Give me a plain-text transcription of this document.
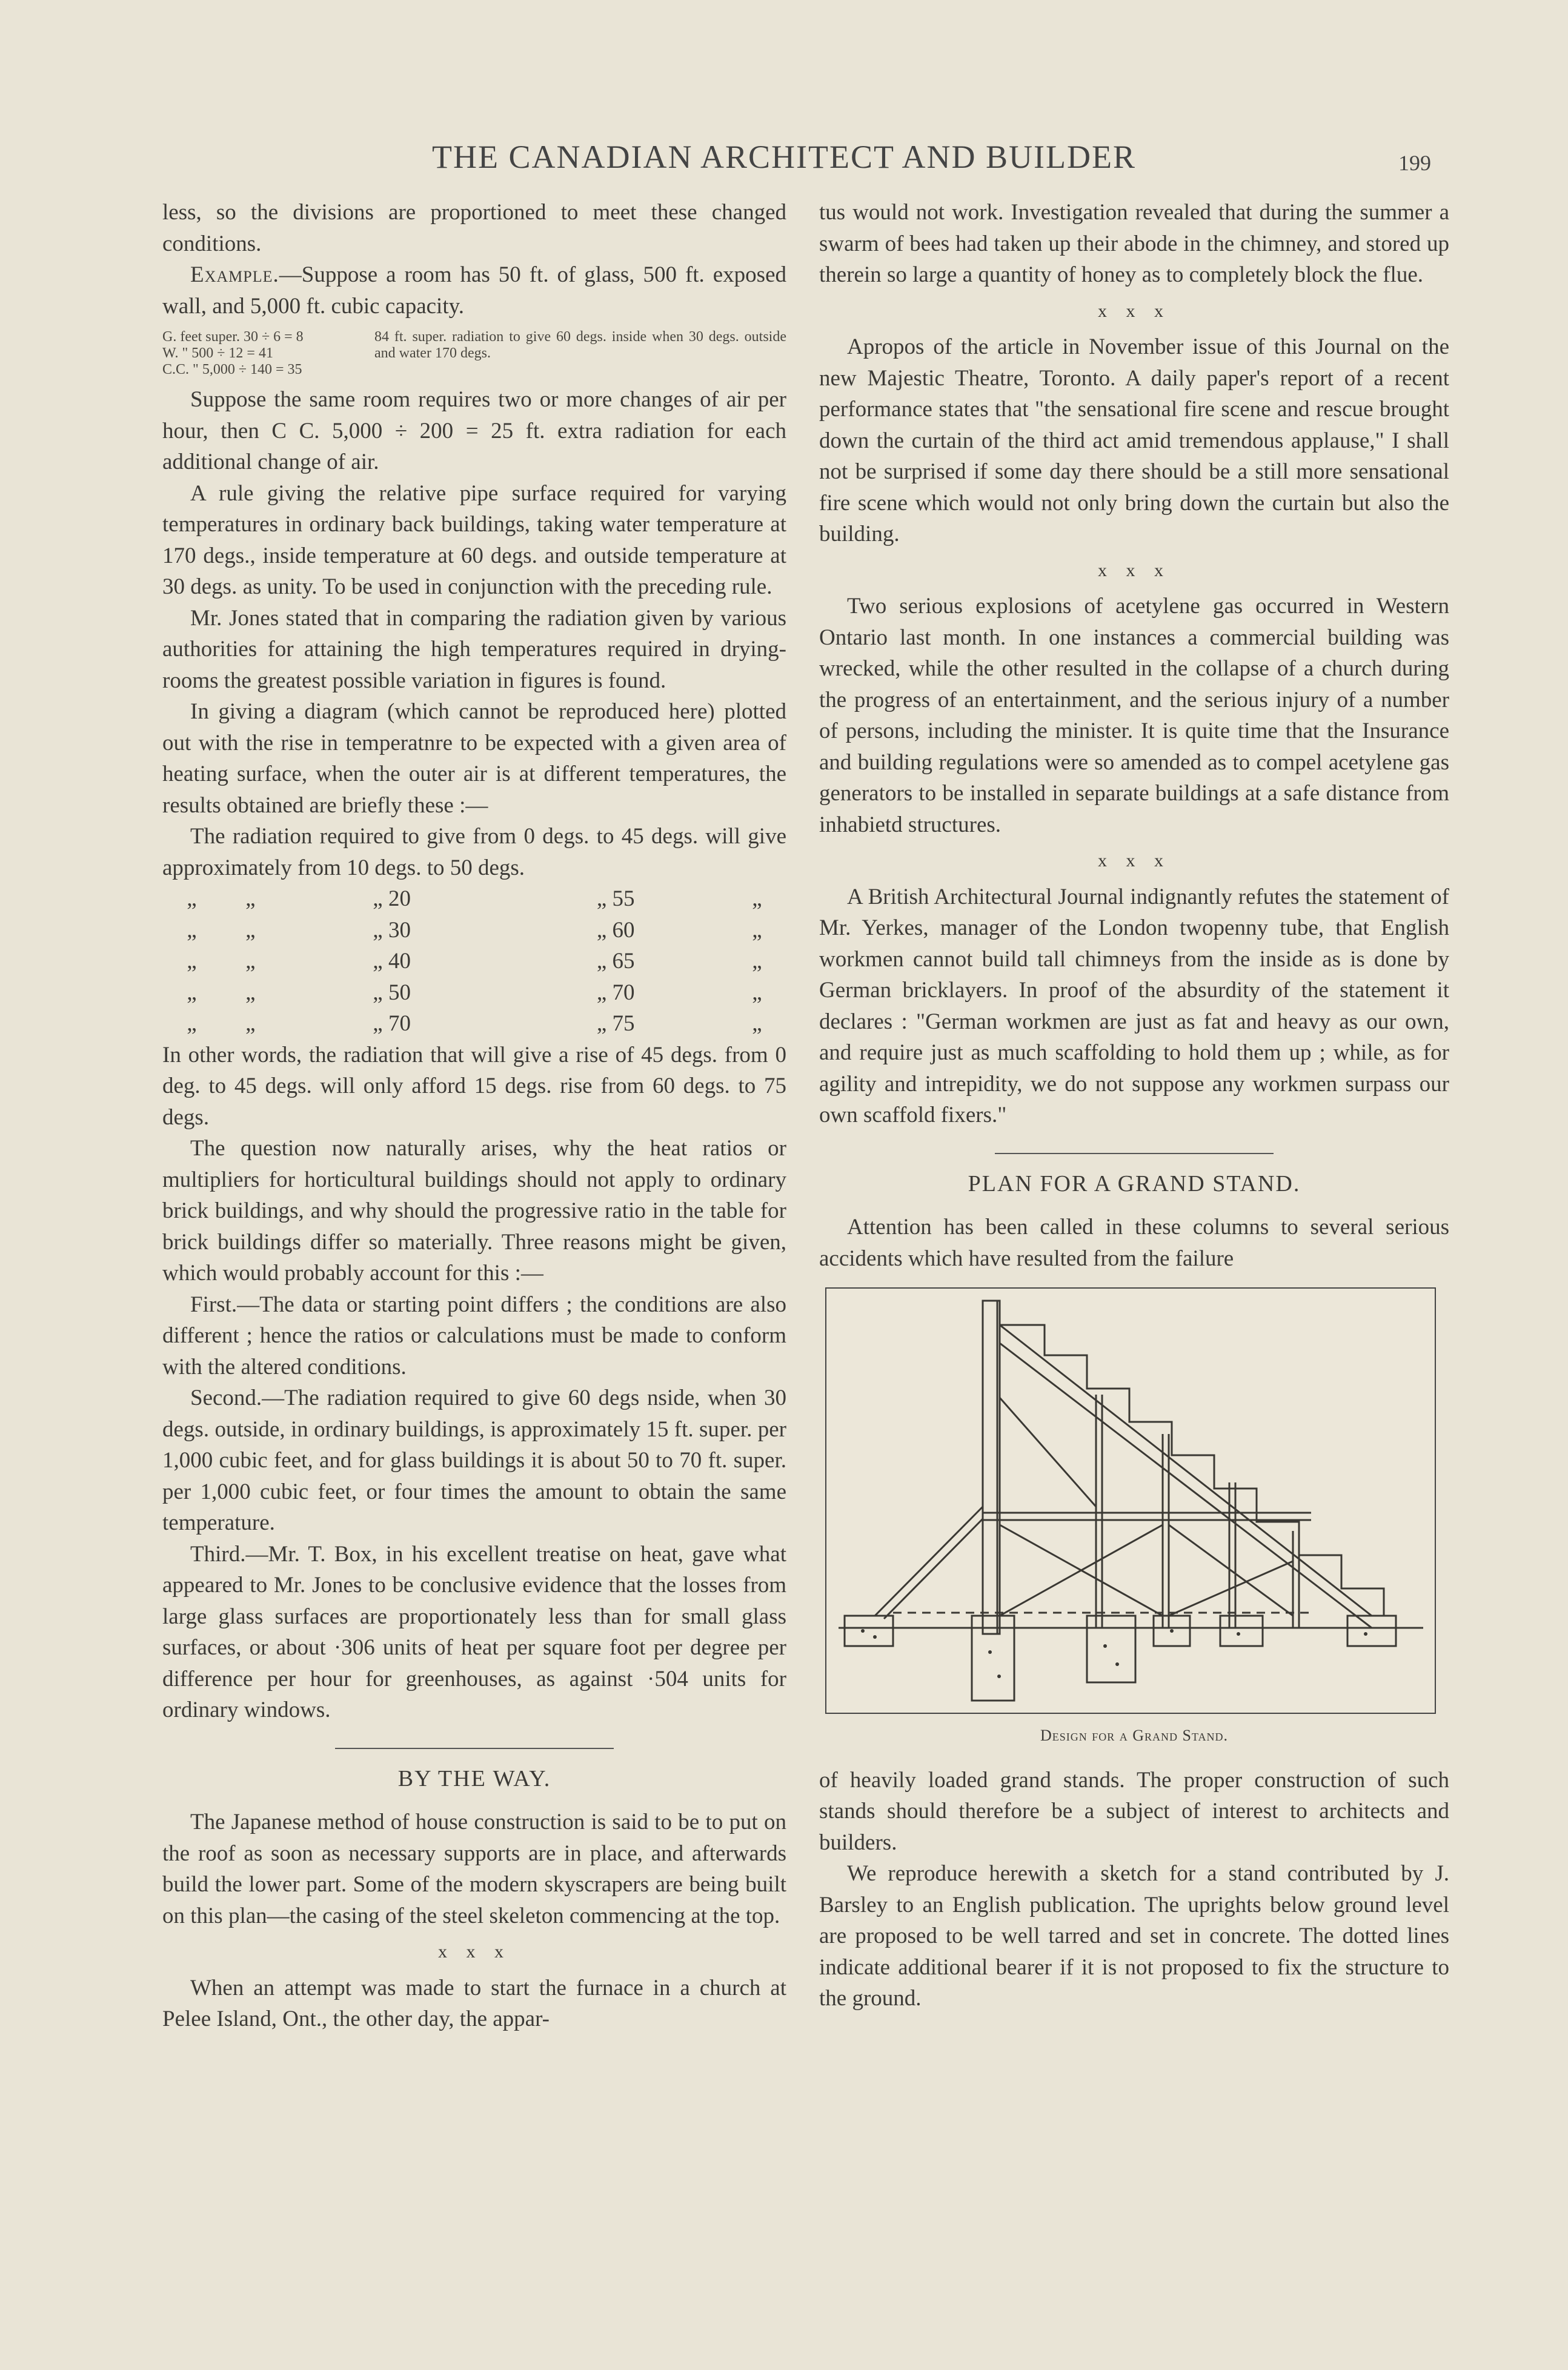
THE CANADIAN ARCHITECT AND BUILDER	199

less, so the divisions are proportioned to meet these changed conditions.

Example.—Suppose a room has 50 ft. of glass, 500 ft. exposed wall, and 5,000 ft. cubic capacity.

G. feet super. 30 ÷ 6 = 8
W. " 500 ÷ 12 = 41
C.C. " 5,000 ÷ 140 = 35
84 ft. super. radiation to give 60 degs. inside when 30 degs. outside and water 170 degs.

Suppose the same room requires two or more changes of air per hour, then C C. 5,000 ÷ 200 = 25 ft. extra radiation for each additional change of air.

A rule giving the relative pipe surface required for varying temperatures in ordinary back buildings, taking water temperature at 170 degs., inside temperature at 60 degs. and outside temperature at 30 degs. as unity. To be used in conjunction with the preceding rule.

Mr. Jones stated that in comparing the radiation given by various authorities for attaining the high temperatures required in drying-rooms the greatest possible variation in figures is found.

In giving a diagram (which cannot be reproduced here) plotted out with the rise in temperatnre to be expected with a given area of heating surface, when the outer air is at different temperatures, the results obtained are briefly these :—

The radiation required to give from 0 degs. to 45 degs. will give approximately from 10 degs. to 50 degs.

„	„	„ 20	„ 55	„
„	„	„ 30	„ 60	„
„	„	„ 40	„ 65	„
„	„	„ 50	„ 70	„
„	„	„ 70	„ 75	„

In other words, the radiation that will give a rise of 45 degs. from 0 deg. to 45 degs. will only afford 15 degs. rise from 60 degs. to 75 degs.

The question now naturally arises, why the heat ratios or multipliers for horticultural buildings should not apply to ordinary brick buildings, and why should the progressive ratio in the table for brick buildings differ so materially. Three reasons might be given, which would probably account for this :—

First.—The data or starting point differs ; the conditions are also different ; hence the ratios or calculations must be made to conform with the altered conditions.

Second.—The radiation required to give 60 degs nside, when 30 degs. outside, in ordinary buildings, is approximately 15 ft. super. per 1,000 cubic feet, and for glass buildings it is about 50 to 70 ft. super. per 1,000 cubic feet, or four times the amount to obtain the same temperature.

Third.—Mr. T. Box, in his excellent treatise on heat, gave what appeared to Mr. Jones to be conclusive evidence that the losses from large glass surfaces are proportionately less than for small glass surfaces, or about ·306 units of heat per square foot per degree per difference per hour for greenhouses, as against ·504 units for ordinary windows.

BY THE WAY.

The Japanese method of house construction is said to be to put on the roof as soon as necessary supports are in place, and afterwards build the lower part. Some of the modern skyscrapers are being built on this plan—the casing of the steel skeleton commencing at the top.

x x x

When an attempt was made to start the furnace in a church at Pelee Island, Ont., the other day, the appar-

tus would not work. Investigation revealed that during the summer a swarm of bees had taken up their abode in the chimney, and stored up therein so large a quantity of honey as to completely block the flue.

x x x

Apropos of the article in November issue of this Journal on the new Majestic Theatre, Toronto. A daily paper's report of a recent performance states that "the sensational fire scene and rescue brought down the curtain of the third act amid tremendous applause," I shall not be surprised if some day there should be a still more sensational fire scene which would not only bring down the curtain but also the building.

x x x

Two serious explosions of acetylene gas occurred in Western Ontario last month. In one instances a commercial building was wrecked, while the other resulted in the collapse of a church during the progress of an entertainment, and the serious injury of a number of persons, including the minister. It is quite time that the Insurance and building regulations were so amended as to compel acetylene gas generators to be installed in separate buildings at a safe distance from inhabietd structures.

x x x

A British Architectural Journal indignantly refutes the statement of Mr. Yerkes, manager of the London twopenny tube, that English workmen cannot build tall chimneys from the inside as is done by German bricklayers. In proof of the absurdity of the statement it declares : "German workmen are just as fat and heavy as our own, and require just as much scaffolding to hold them up ; while, as for agility and intrepidity, we do not suppose any workmen surpass our own scaffold fixers."

PLAN FOR A GRAND STAND.

Attention has been called in these columns to several serious accidents which have resulted from the failure

Design for a Grand Stand.

of heavily loaded grand stands. The proper construction of such stands should therefore be a subject of interest to architects and builders.

We reproduce herewith a sketch for a stand contributed by J. Barsley to an English publication. The uprights below ground level are proposed to be well tarred and set in concrete. The dotted lines indicate additional bearer if it is not proposed to fix the structure to the ground.
